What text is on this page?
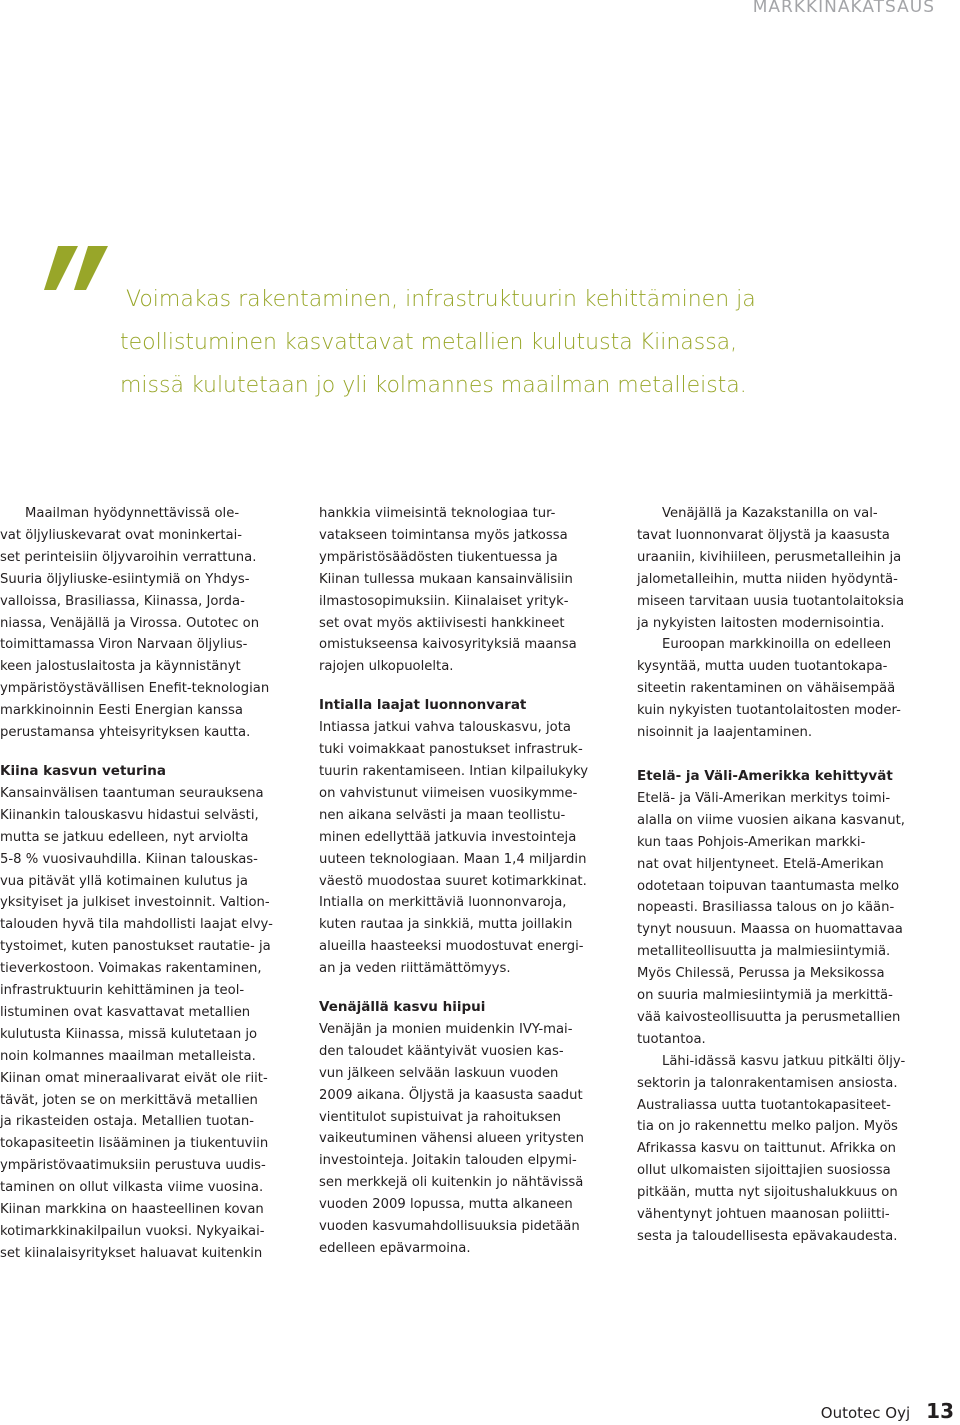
MARKKINAKATSAUS
Voimakas rakentaminen, infrastruktuurin kehittäminen ja
teollistuminen kasvattavat metallien kulutusta Kiinassa,
missä kulutetaan jo yli kolmannes maailman metalleista.

Maailman hyödynnettävissä ole-
vat öljyliuskevarat ovat moninkertai-
set perinteisiin öljyvaroihin verrattuna.
Suuria öljyliuske-esiintymiä on Yhdys-
valloissa, Brasiliassa, Kiinassa, Jorda-
niassa, Venäjällä ja Virossa. Outotec on
toimittamassa Viron Narvaan öljylius-
keen jalostuslaitosta ja käynnistänyt
ympäristöystävällisen Enefit-teknologian
markkinoinnin Eesti Energian kanssa
perustamansa yhteisyrityksen kautta.

Kiina kasvun veturina

Kansainvälisen taantuman seurauksena
Kiinankin talouskasvu hidastui selvästi,
mutta se jatkuu edelleen, nyt arviolta
5-8 % vuosivauhdilla. Kiinan talouskas-
vua pitävät yllä kotimainen kulutus ja
yksityiset ja julkiset investoinnit. Valtion-
talouden hyvä tila mahdollisti laajat elvy-
tystoimet, kuten panostukset rautatie- ja
tieverkostoon. Voimakas rakentaminen,
infrastruktuurin kehittäminen ja teol-
listuminen ovat kasvattavat metallien
kulutusta Kiinassa, missä kulutetaan jo
noin kolmannes maailman metalleista.
Kiinan omat mineraalivarat eivät ole riit-
tävät, joten se on merkittävä metallien
ja rikasteiden ostaja. Metallien tuotan-
tokapasiteetin lisääminen ja tiukentuviin
ympäristövaatimuksiin perustuva uudis-
taminen on ollut vilkasta viime vuosina.
Kiinan markkina on haasteellinen kovan
kotimarkkinakilpailun vuoksi. Nykyaikai-
set kiinalaisyritykset haluavat kuitenkin

hankkia viimeisintä teknologiaa tur-
vatakseen toimintansa myös jatkossa
ympäristösäädösten tiukentuessa ja
Kiinan tullessa mukaan kansainvälisiin
ilmastosopimuksiin. Kiinalaiset yrityk-
set ovat myös aktiivisesti hankkineet
omistukseensa kaivosyrityksiä maansa
rajojen ulkopuolelta.

Intialla laajat luonnonvarat

Intiassa jatkui vahva talouskasvu, jota
tuki voimakkaat panostukset infrastruk-
tuurin rakentamiseen. Intian kilpailukyky
on vahvistunut viimeisen vuosikymme-
nen aikana selvästi ja maan teollistu-
minen edellyttää jatkuvia investointeja
uuteen teknologiaan. Maan 1,4 miljardin
väestö muodostaa suuret kotimarkkinat.
Intialla on merkittäviä luonnonvaroja,
kuten rautaa ja sinkkiä, mutta joillakin
alueilla haasteeksi muodostuvat energi-
an ja veden riittämättömyys.

Venäjällä kasvu hiipui

Venäjän ja monien muidenkin IVY-mai-
den taloudet kääntyivät vuosien kas-
vun jälkeen selvään laskuun vuoden
2009 aikana. Öljystä ja kaasusta saadut
vientitulot supistuivat ja rahoituksen
vaikeutuminen vähensi alueen yritysten
investointeja. Joitakin talouden elpymi-
sen merkkejä oli kuitenkin jo nähtävissä
vuoden 2009 lopussa, mutta alkaneen
vuoden kasvumahdollisuuksia pidetään
edelleen epävarmoina.

Venäjällä ja Kazakstanilla on val-
tavat luonnonvarat öljystä ja kaasusta
uraaniin, kivihiileen, perusmetalleihin ja
jalometalleihin, mutta niiden hyödyntä-
miseen tarvitaan uusia tuotantolaitoksia
ja nykyisten laitosten modernisointia.

Euroopan markkinoilla on edelleen
kysyntää, mutta uuden tuotantokapa-
siteetin rakentaminen on vähäisempää
kuin nykyisten tuotantolaitosten moder-
nisoinnit ja laajentaminen.

Etelä- ja Väli-Amerikka kehittyvät

Etelä- ja Väli-Amerikan merkitys toimi-
alalla on viime vuosien aikana kasvanut,
kun taas Pohjois-Amerikan markki-
nat ovat hiljentyneet. Etelä-Amerikan
odotetaan toipuvan taantumasta melko
nopeasti. Brasiliassa talous on jo kään-
tynyt nousuun. Maassa on huomattavaa
metalliteollisuutta ja malmiesiintymiä.
Myös Chilessä, Perussa ja Meksikossa
on suuria malmiesiintymiä ja merkittä-
vää kaivosteollisuutta ja perusmetallien
tuotantoa.

Lähi-idässä kasvu jatkuu pitkälti öljy-
sektorin ja talonrakentamisen ansiosta.
Australiassa uutta tuotantokapasiteet-
tia on jo rakennettu melko paljon. Myös
Afrikassa kasvu on taittunut. Afrikka on
ollut ulkomaisten sijoittajien suosiossa
pitkään, mutta nyt sijoitushalukkuus on
vähentynyt johtuen maanosan poliitti-
sesta ja taloudellisesta epävakaudesta.

Outotec Oyj 13
